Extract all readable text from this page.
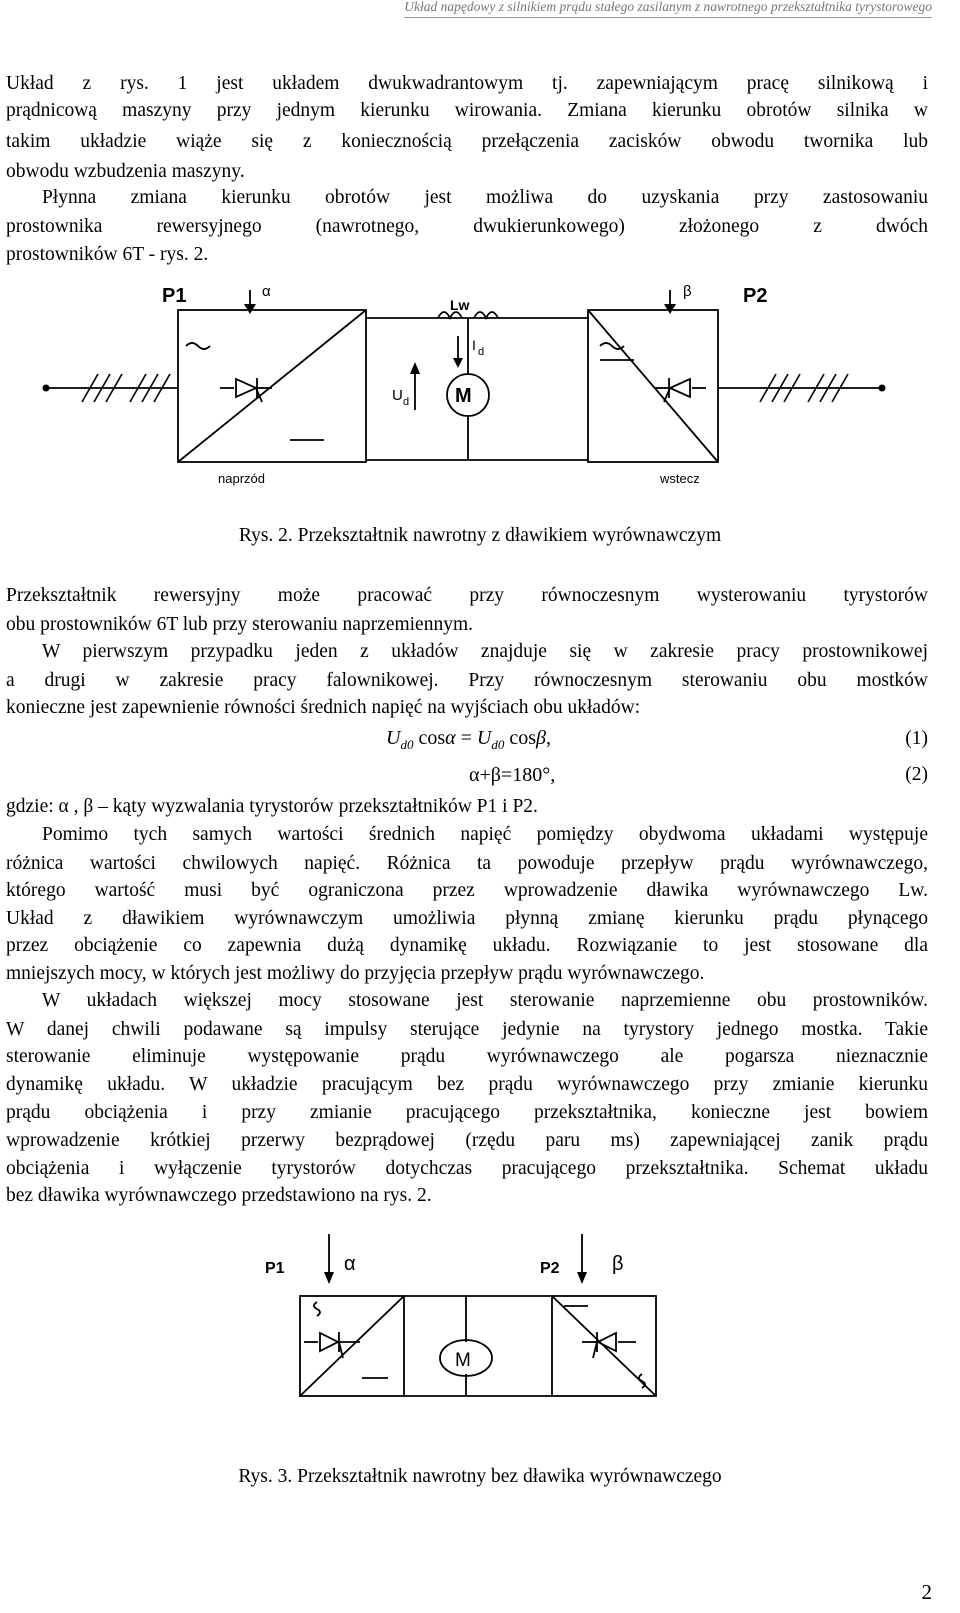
Układ napędowy z silnikiem prądu stałego zasilanym z nawrotnego przekształtnika tyrystorowego
Układ z rys. 1 jest układem dwukwadrantowym tj. zapewniającym pracę silnikową i
prądnicową maszyny przy jednym kierunku wirowania. Zmiana kierunku obrotów silnika w
takim układzie wiąże się z koniecznością przełączenia zacisków obwodu twornika lub
obwodu wzbudzenia maszyny.
Płynna zmiana kierunku obrotów jest możliwa do uzyskania przy zastosowaniu
prostownika rewersyjnego (nawrotnego, dwukierunkowego) złożonego z dwóch
prostowników 6T - rys. 2.
P1	P2
α	β
Lw
I d
U d M
naprzód	wstecz
Rys. 2. Przekształtnik nawrotny z dławikiem wyrównawczym
Przekształtnik rewersyjny może pracować przy równoczesnym wysterowaniu tyrystorów
obu prostowników 6T lub przy sterowaniu naprzemiennym.
W pierwszym przypadku jeden z układów znajduje się w zakresie pracy prostownikowej
a drugi w zakresie pracy falownikowej. Przy równoczesnym sterowaniu obu mostków
konieczne jest zapewnienie równości średnich napięć na wyjściach obu układów:
$U_{d0}$ $\cos\alpha = U_{d0}$ cosβ,	(1)
α+β=180°,	(2)
gdzie: α , β – kąty wyzwalania tyrystorów przekształtników P1 i P2.
Pomimo tych samych wartości średnich napięć pomiędzy obydwoma układami występuje
różnica wartości chwilowych napięć. Różnica ta powoduje przepływ prądu wyrównawczego,
którego wartość musi być ograniczona przez wprowadzenie dławika wyrównawczego Lw.
Układ z dławikiem wyrównawczym umożliwia płynną zmianę kierunku prądu płynącego
przez obciążenie co zapewnia dużą dynamikę układu. Rozwiązanie to jest stosowane dla
mniejszych mocy, w których jest możliwy do przyjęcia przepływ prądu wyrównawczego.
W układach większej mocy stosowane jest sterowanie naprzemienne obu prostowników.
W danej chwili podawane są impulsy sterujące jedynie na tyrystory jednego mostka. Takie
sterowanie eliminuje występowanie prądu wyrównawczego ale pogarsza nieznacznie
dynamikę układu. W układzie pracującym bez prądu wyrównawczego przy zmianie kierunku
prądu obciążenia i przy zmianie pracującego przekształtnika, konieczne jest bowiem
wprowadzenie krótkiej przerwy bezprądowej (rzędu paru ms) zapewniającej zanik prądu
obciążenia i wyłączenie tyrystorów dotychczas pracującego przekształtnika. Schemat układu
bez dławika wyrównawczego przedstawiono na rys. 2.
P1	P2
α	β
M
Rys. 3. Przekształtnik nawrotny bez dławika wyrównawczego
2
